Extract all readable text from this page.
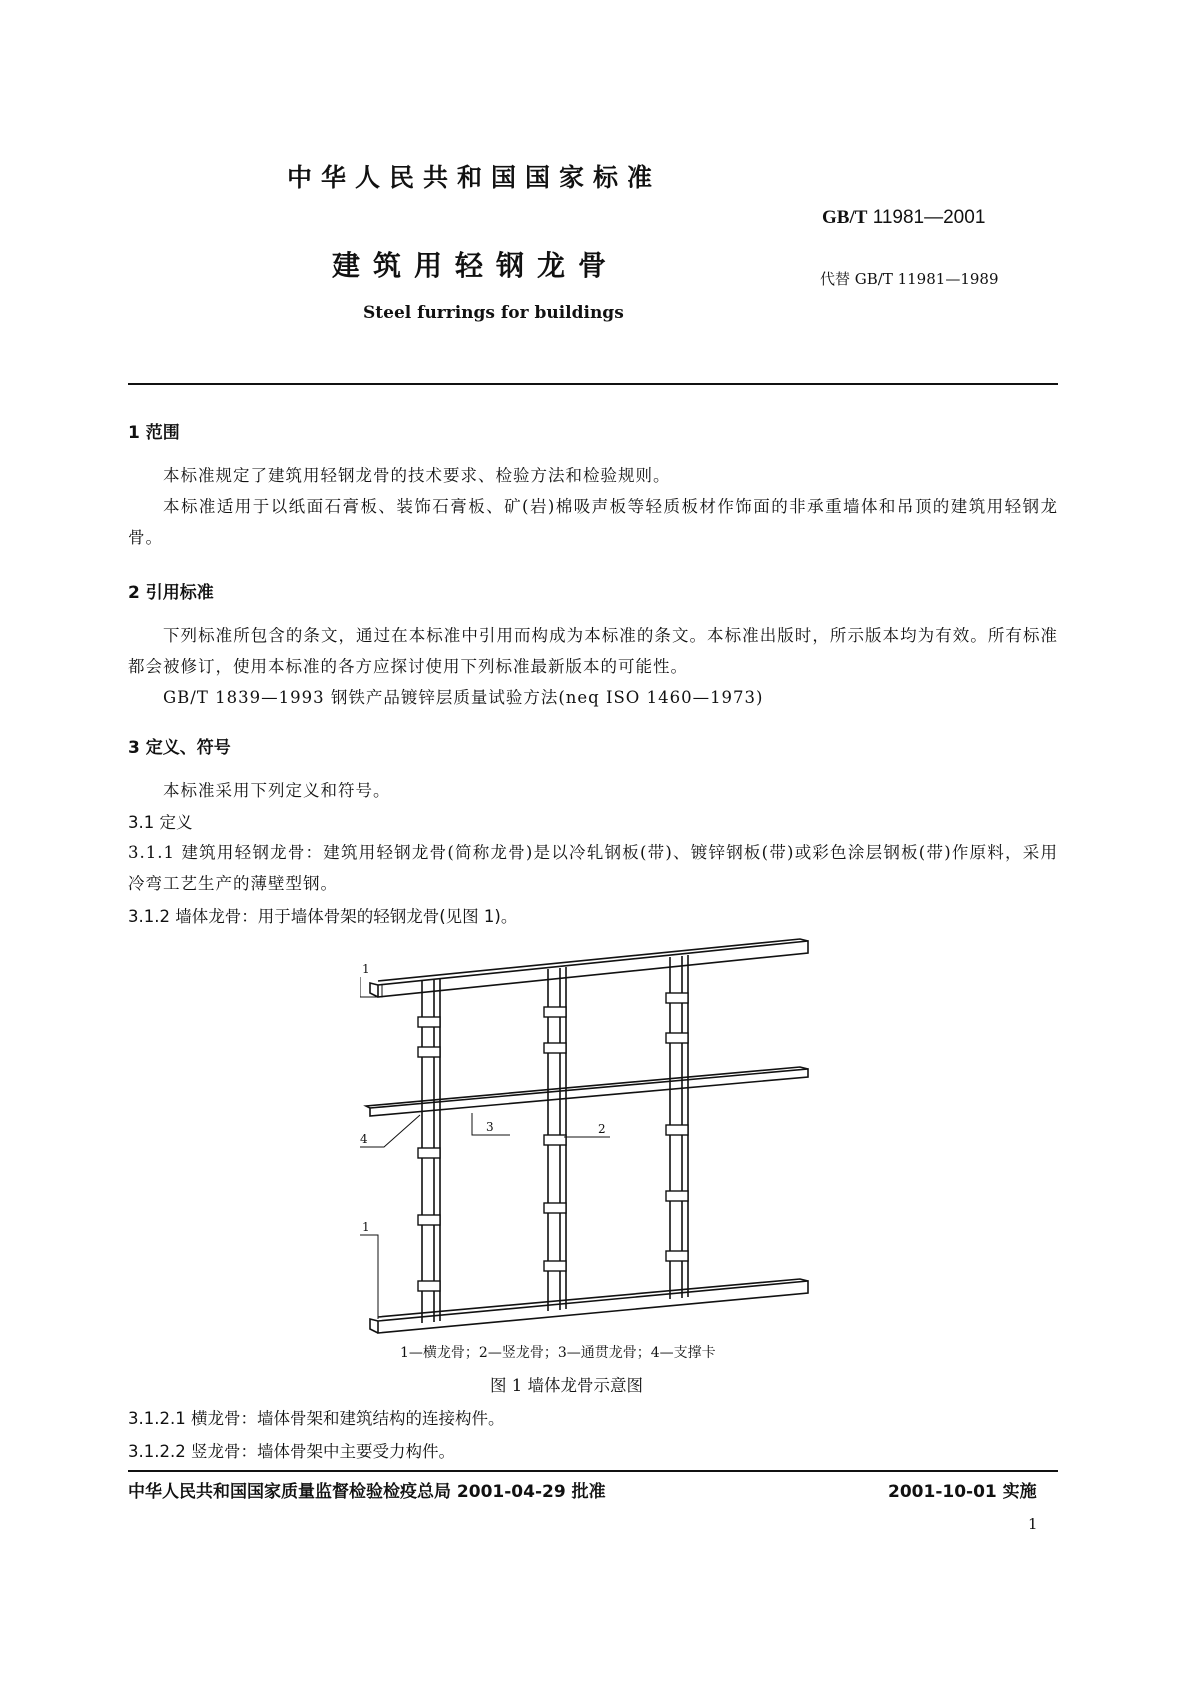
中华人民共和国国家标准
GB/T 11981—2001
建筑用轻钢龙骨	代替 GB/T 11981—1989
Steel furrings for buildings
1 范围
本标准规定了建筑用轻钢龙骨的技术要求、检验方法和检验规则。
本标准适用于以纸面石膏板、装饰石膏板、矿(岩)棉吸声板等轻质板材作饰面的非承重墙体和吊顶的建筑用轻钢龙骨。
2 引用标准
下列标准所包含的条文，通过在本标准中引用而构成为本标准的条文。本标准出版时，所示版本均为有效。所有标准都会被修订，使用本标准的各方应探讨使用下列标准最新版本的可能性。
GB/T 1839—1993 钢铁产品镀锌层质量试验方法(neq ISO 1460—1973)
3 定义、符号
本标准采用下列定义和符号。
3.1 定义
3.1.1 建筑用轻钢龙骨：建筑用轻钢龙骨(简称龙骨)是以冷轧钢板(带)、镀锌钢板(带)或彩色涂层钢板(带)作原料，采用冷弯工艺生产的薄壁型钢。
3.1.2 墙体龙骨：用于墙体骨架的轻钢龙骨(见图 1)。
1
1
2
3
4
1—横龙骨；2—竖龙骨；3—通贯龙骨；4—支撑卡
图 1 墙体龙骨示意图
3.1.2.1 横龙骨：墙体骨架和建筑结构的连接构件。
3.1.2.2 竖龙骨：墙体骨架中主要受力构件。
中华人民共和国国家质量监督检验检疫总局 2001-04-29 批准	2001-10-01 实施
1
